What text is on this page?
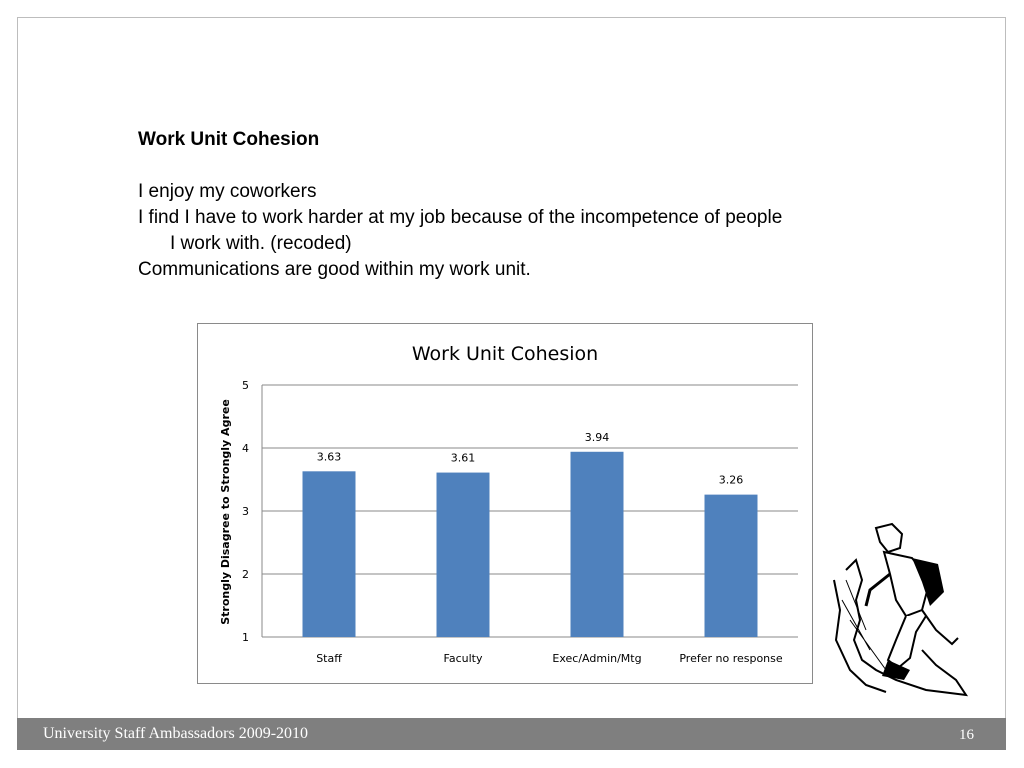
Work Unit Cohesion
I enjoy my coworkers
I find I have to work harder at my job because of the incompetence of people
I work with. (recoded)
Communications are good within my work unit.
Work Unit Cohesion
Strongly Disagree to Strongly Agree
1
2
3
4
5
3.63	3.61
3.94
3.26
Staff	Faculty	Exec/Admin/Mtg	Prefer no response
University Staff Ambassadors 2009-2010	16
